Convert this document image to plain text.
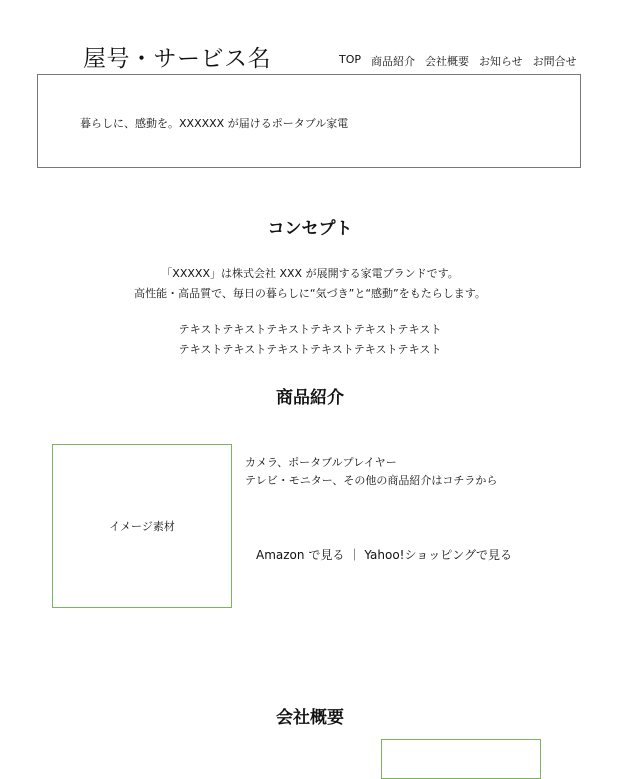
屋号・サービス名	TOP 商品紹介 会社概要 お知らせ お問合せ
暮らしに、感動を。XXXXXX が届けるポータブル家電
コンセプト
「XXXXX」は株式会社 XXX が展開する家電ブランドです。
高性能・高品質で、毎日の暮らしに“気づき”と“感動”をもたらします。
テキストテキストテキストテキストテキストテキスト
テキストテキストテキストテキストテキストテキスト
商品紹介
イメージ素材
カメラ、ポータブルプレイヤー
テレビ・モニター、その他の商品紹介はコチラから
Amazon で見る ｜ Yahoo!ショッピングで見る
会社概要
